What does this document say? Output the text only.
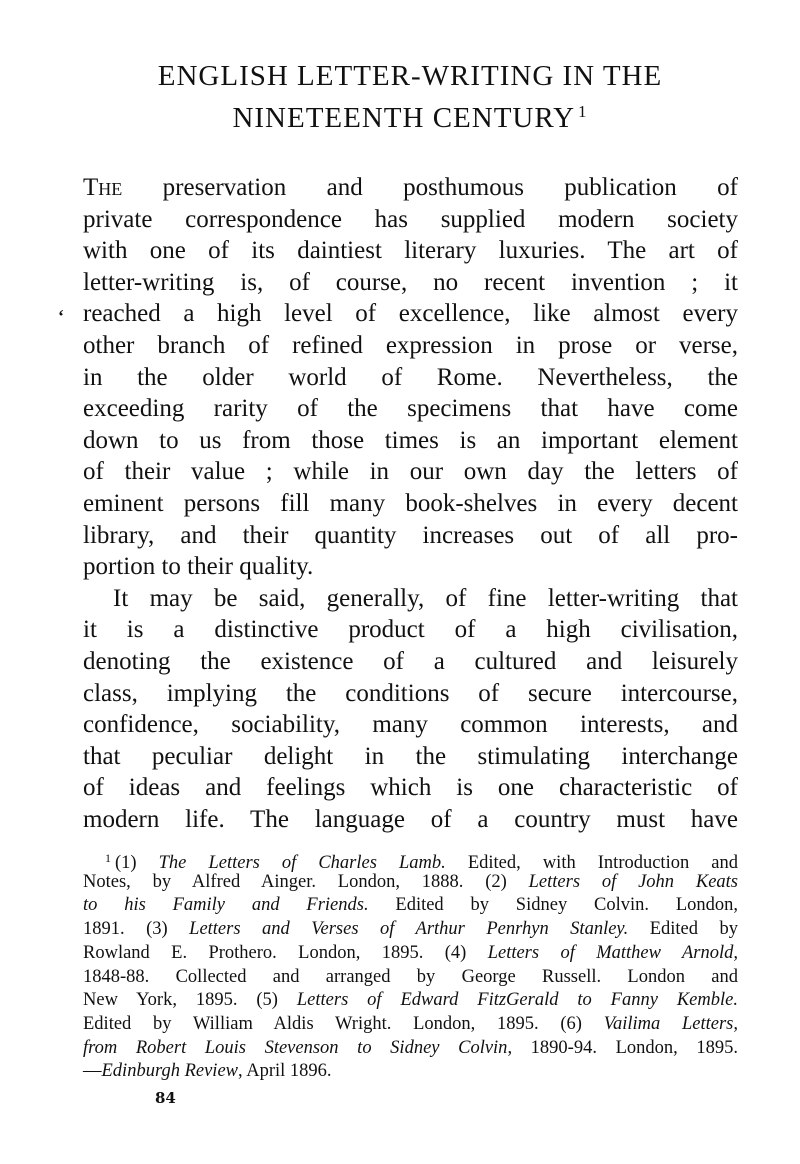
ENGLISH LETTER-WRITING IN THE
NINETEENTH CENTURY $^1$
‘
The preservation and posthumous publication of
private correspondence has supplied modern society
with one of its daintiest literary luxuries. The art of
letter-writing is, of course, no recent invention ; it
reached a high level of excellence, like almost every
other branch of refined expression in prose or verse,
in the older world of Rome. Nevertheless, the
exceeding rarity of the specimens that have come
down to us from those times is an important element
of their value ; while in our own day the letters of
eminent persons fill many book-shelves in every decent
library, and their quantity increases out of all pro-
portion to their quality.
It may be said, generally, of fine letter-writing that
it is a distinctive product of a high civilisation,
denoting the existence of a cultured and leisurely
class, implying the conditions of secure intercourse,
confidence, sociability, many common interests, and
that peculiar delight in the stimulating interchange
of ideas and feelings which is one characteristic of
modern life. The language of a country must have
$^1$ (1) The Letters of Charles Lamb. Edited, with Introduction and
Notes, by Alfred Ainger. London, 1888. (2) Letters of John Keats
to his Family and Friends. Edited by Sidney Colvin. London,
1891. (3) Letters and Verses of Arthur Penrhyn Stanley. Edited by
Rowland E. Prothero. London, 1895. (4) Letters of Matthew Arnold,
1848-88. Collected and arranged by George Russell. London and
New York, 1895. (5) Letters of Edward FitzGerald to Fanny Kemble.
Edited by William Aldis Wright. London, 1895. (6) Vailima Letters,
from Robert Louis Stevenson to Sidney Colvin, 1890-94. London, 1895.
—Edinburgh Review, April 1896.
84
